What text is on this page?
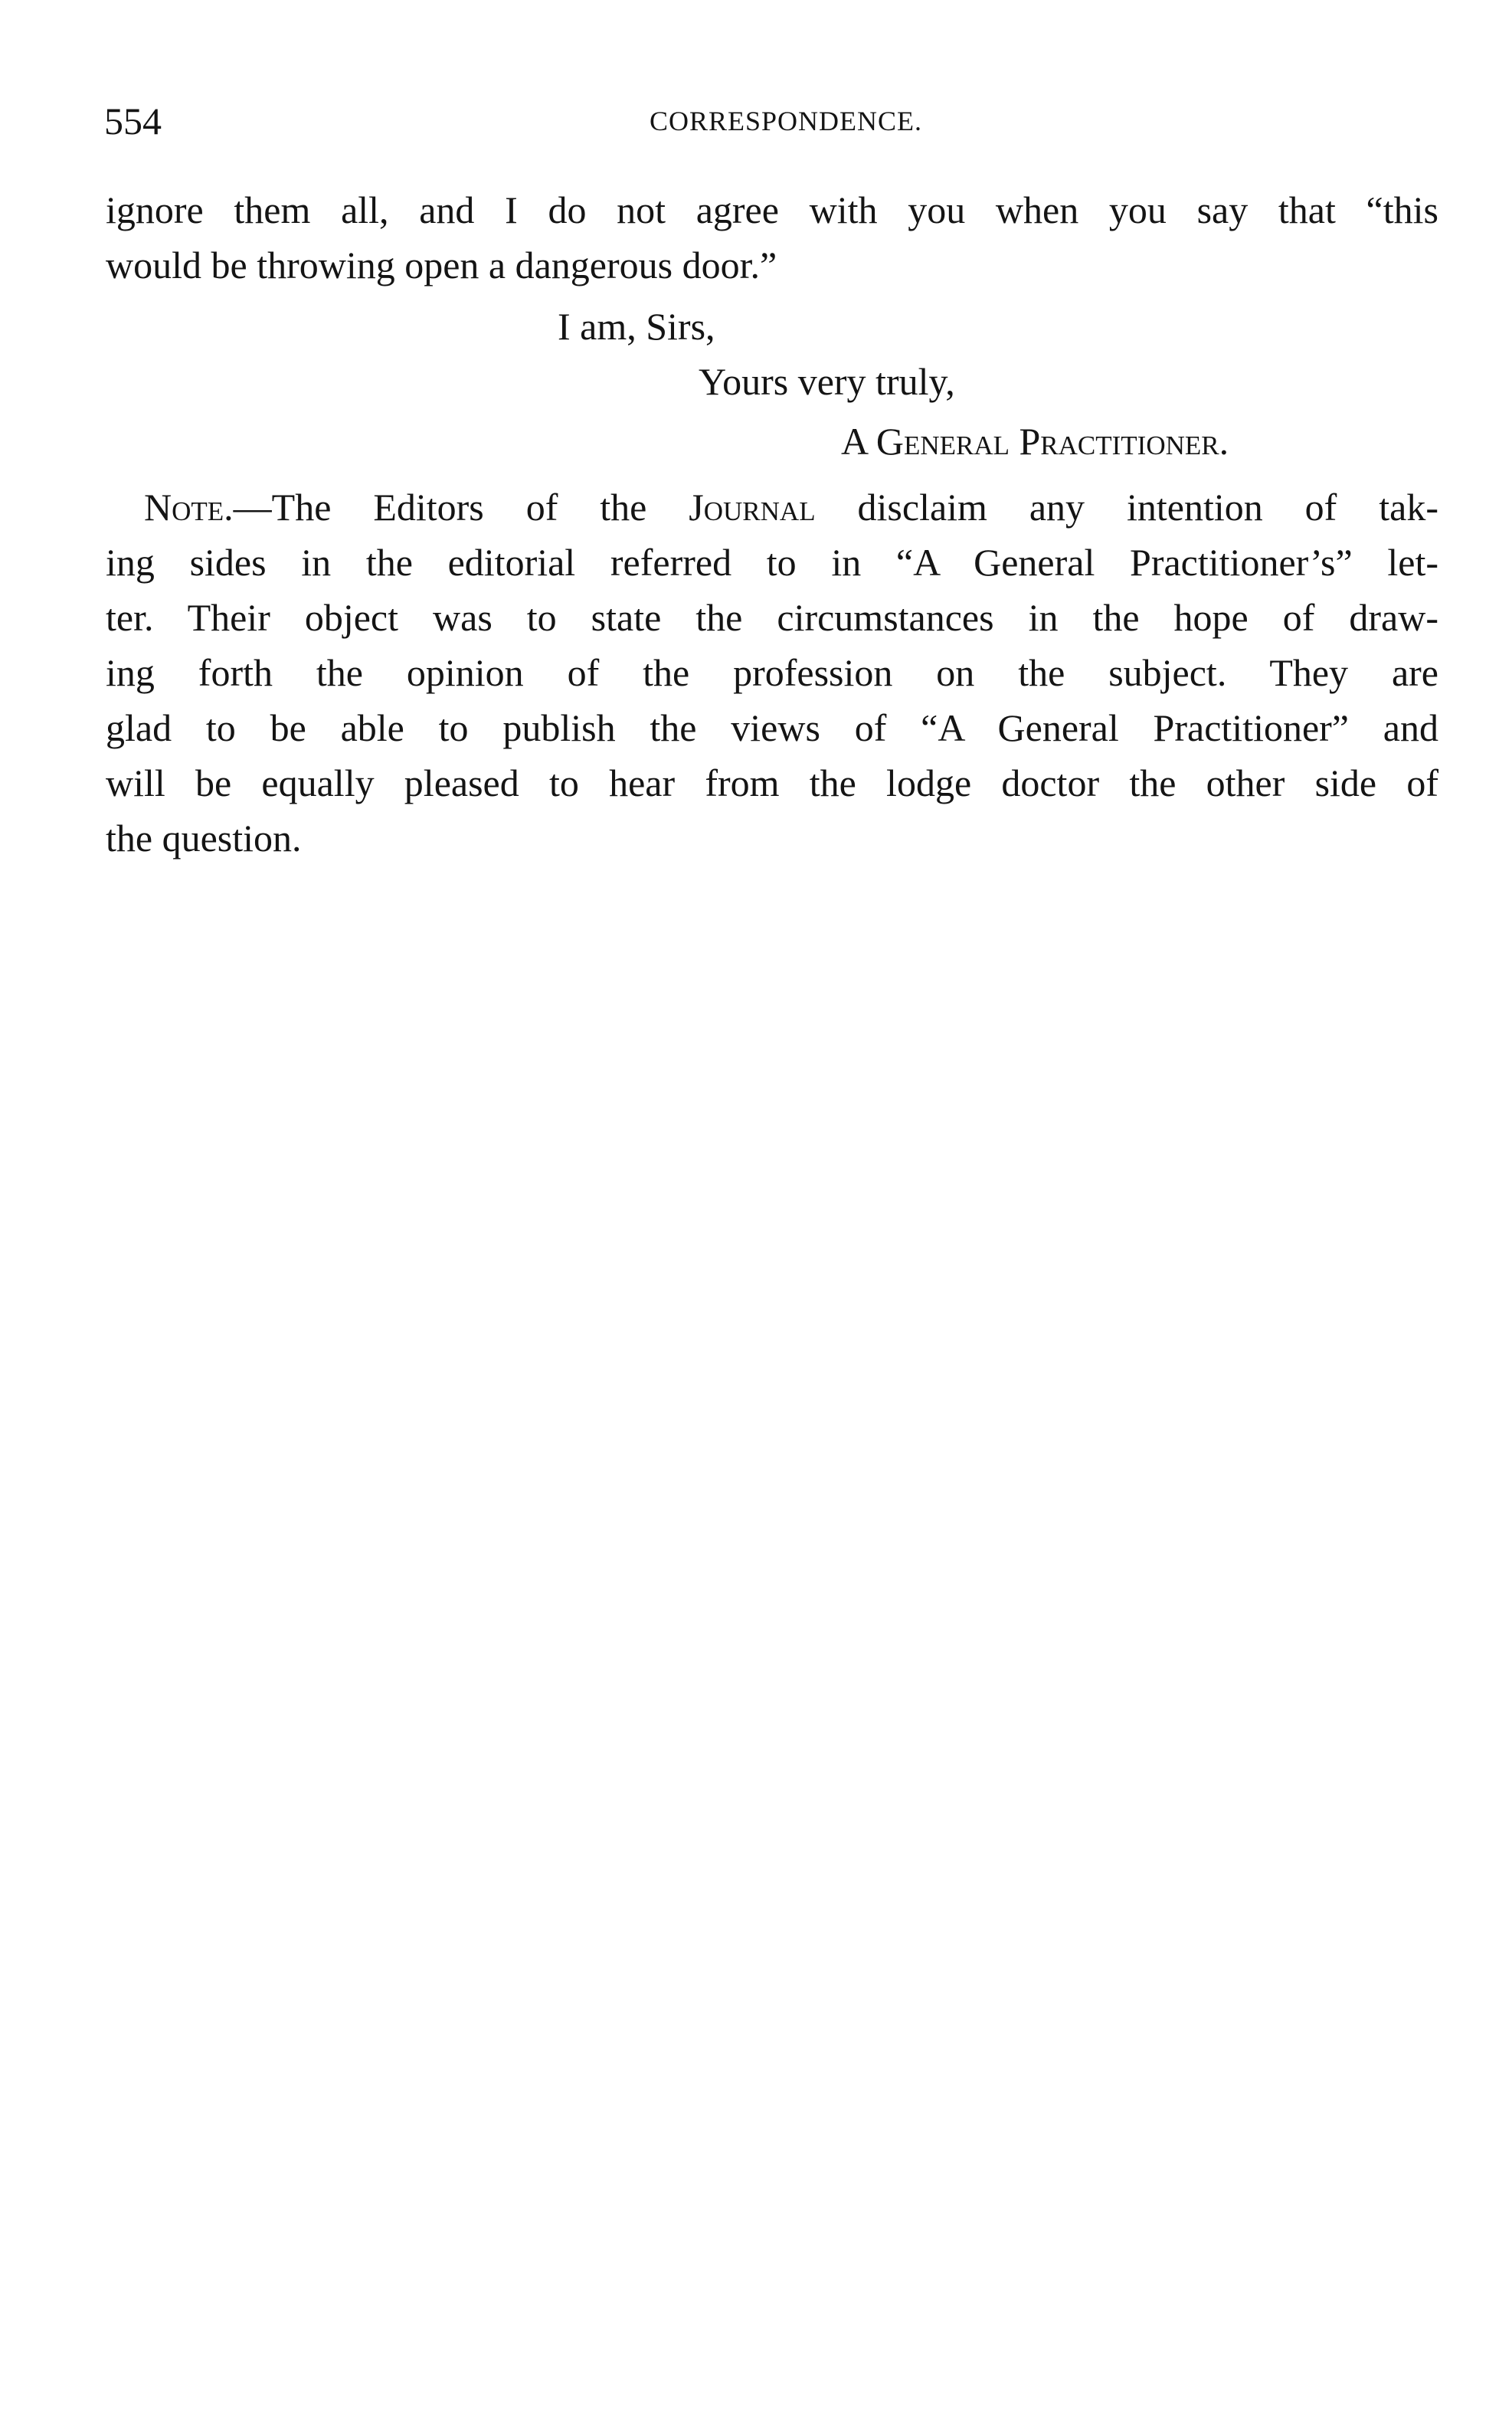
554	CORRESPONDENCE.
ignore them all, and I do not agree with you when you say that “this
would be throwing open a dangerous door.”
I am, Sirs,
Yours very truly,
A General Practitioner.
Note.—The Editors of the Journal disclaim any intention of tak-
ing sides in the editorial referred to in “A General Practitioner’s” let-
ter. Their object was to state the circumstances in the hope of draw-
ing forth the opinion of the profession on the subject. They are
glad to be able to publish the views of “A General Practitioner” and
will be equally pleased to hear from the lodge doctor the other side of
the question.
